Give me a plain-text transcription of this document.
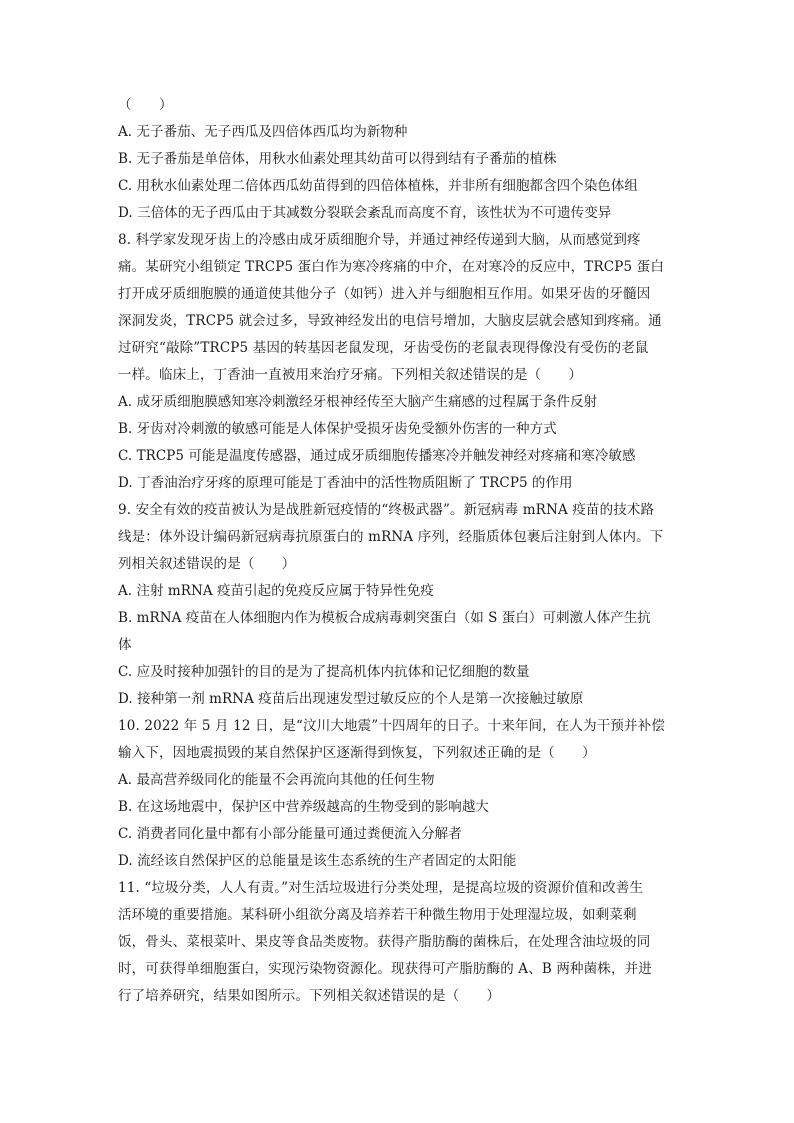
（　　）

A. 无子番茄、无子西瓜及四倍体西瓜均为新物种

B. 无子番茄是单倍体，用秋水仙素处理其幼苗可以得到结有子番茄的植株

C. 用秋水仙素处理二倍体西瓜幼苗得到的四倍体植株，并非所有细胞都含四个染色体组

D. 三倍体的无子西瓜由于其减数分裂联会紊乱而高度不育，该性状为不可遗传变异

8. 科学家发现牙齿上的冷感由成牙质细胞介导，并通过神经传递到大脑，从而感觉到疼

痛。某研究小组锁定 TRCP5 蛋白作为寒冷疼痛的中介，在对寒冷的反应中，TRCP5 蛋白

打开成牙质细胞膜的通道使其他分子（如钙）进入并与细胞相互作用。如果牙齿的牙髓因

深洞发炎，TRCP5 就会过多，导致神经发出的电信号增加，大脑皮层就会感知到疼痛。通

过研究“敲除”TRCP5 基因的转基因老鼠发现，牙齿受伤的老鼠表现得像没有受伤的老鼠

一样。临床上，丁香油一直被用来治疗牙痛。下列相关叙述错误的是（　　）

A. 成牙质细胞膜感知寒冷刺激经牙根神经传至大脑产生痛感的过程属于条件反射

B. 牙齿对冷刺激的敏感可能是人体保护受损牙齿免受额外伤害的一种方式

C. TRCP5 可能是温度传感器，通过成牙质细胞传播寒冷并触发神经对疼痛和寒冷敏感

D. 丁香油治疗牙疼的原理可能是丁香油中的活性物质阻断了 TRCP5 的作用

9. 安全有效的疫苗被认为是战胜新冠疫情的“终极武器”。新冠病毒 mRNA 疫苗的技术路

线是：体外设计编码新冠病毒抗原蛋白的 mRNA 序列，经脂质体包裹后注射到人体内。下

列相关叙述错误的是（　　）

A. 注射 mRNA 疫苗引起的免疫反应属于特异性免疫

B. mRNA 疫苗在人体细胞内作为模板合成病毒刺突蛋白（如 S 蛋白）可刺激人体产生抗

体

C. 应及时接种加强针的目的是为了提高机体内抗体和记忆细胞的数量

D. 接种第一剂 mRNA 疫苗后出现速发型过敏反应的个人是第一次接触过敏原

10. 2022 年 5 月 12 日，是“汶川大地震”十四周年的日子。十来年间，在人为干预并补偿

输入下，因地震损毁的某自然保护区逐渐得到恢复，下列叙述正确的是（　　）

A. 最高营养级同化的能量不会再流向其他的任何生物

B. 在这场地震中，保护区中营养级越高的生物受到的影响越大

C. 消费者同化量中都有小部分能量可通过粪便流入分解者

D. 流经该自然保护区的总能量是该生态系统的生产者固定的太阳能

11. “垃圾分类，人人有责。”对生活垃圾进行分类处理，是提高垃圾的资源价值和改善生

活环境的重要措施。某科研小组欲分离及培养若干种微生物用于处理湿垃圾，如剩菜剩

饭，骨头、菜根菜叶、果皮等食品类废物。获得产脂肪酶的菌株后，在处理含油垃圾的同

时，可获得单细胞蛋白，实现污染物资源化。现获得可产脂肪酶的 A、B 两种菌株，并进

行了培养研究，结果如图所示。下列相关叙述错误的是（　　）
